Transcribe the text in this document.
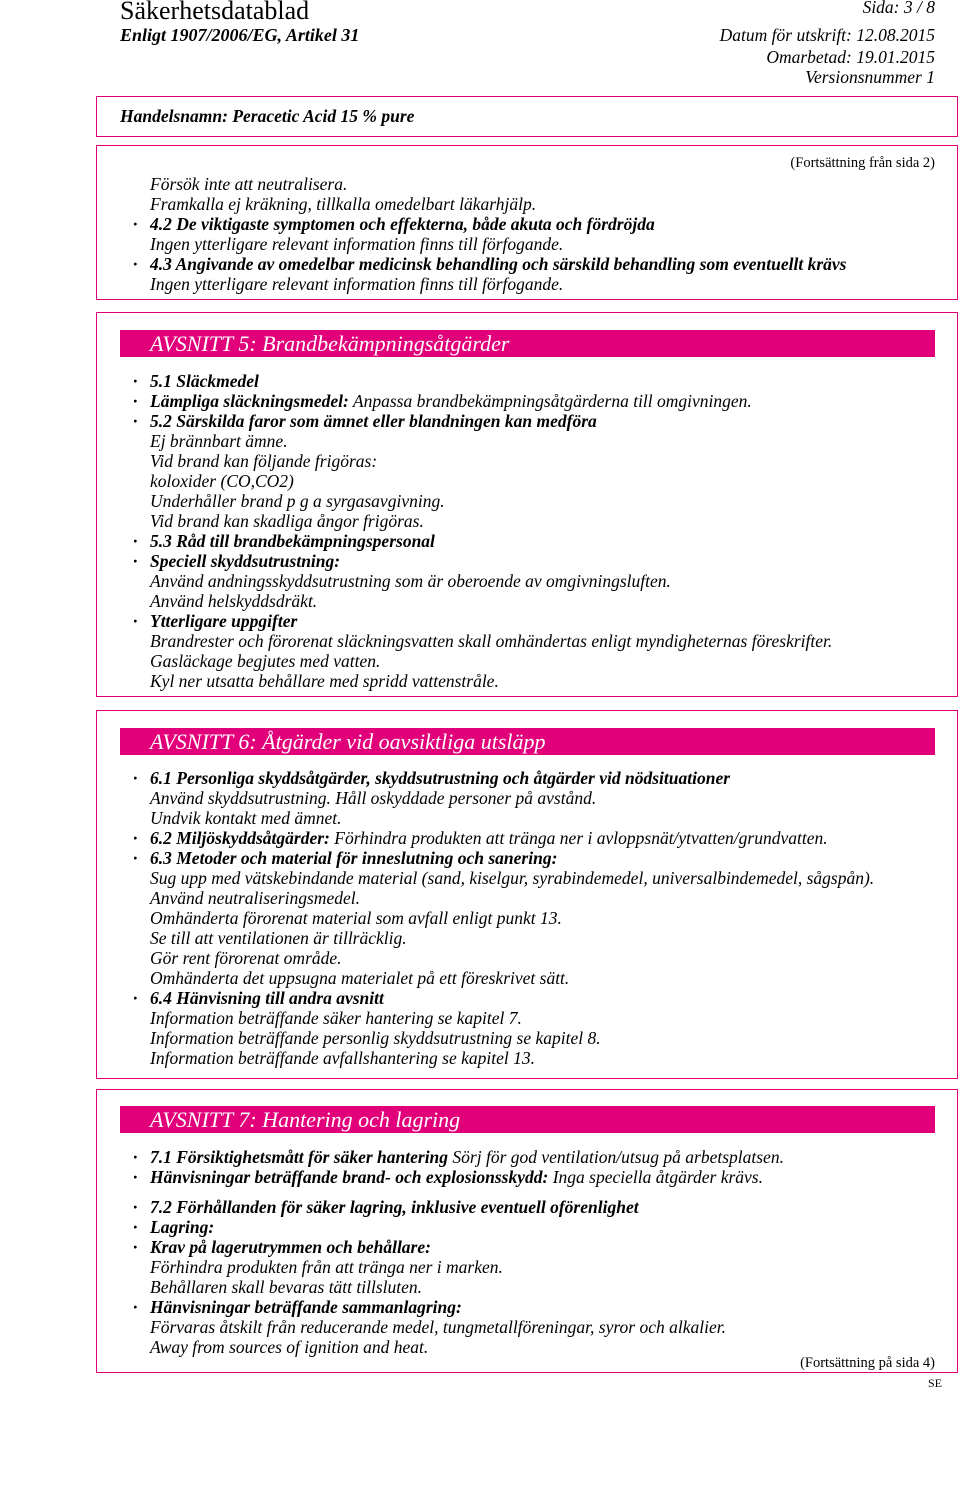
Säkerhetsdatablad	Sida: 3 / 8
Enligt 1907/2006/EG, Artikel 31	Datum för utskrift: 12.08.2015
Omarbetad: 19.01.2015
Versionsnummer 1
Handelsnamn: Peracetic Acid 15 % pure
(Fortsättning från sida 2)
Försök inte att neutralisera.
Framkalla ej kräkning, tillkalla omedelbart läkarhjälp.
· 4.2 De viktigaste symptomen och effekterna, både akuta och fördröjda
Ingen ytterligare relevant information finns till förfogande.
· 4.3 Angivande av omedelbar medicinsk behandling och särskild behandling som eventuellt krävs
Ingen ytterligare relevant information finns till förfogande.
AVSNITT 5: Brandbekämpningsåtgärder
· 5.1 Släckmedel
· Lämpliga släckningsmedel: Anpassa brandbekämpningsåtgärderna till omgivningen.
· 5.2 Särskilda faror som ämnet eller blandningen kan medföra
Ej brännbart ämne.
Vid brand kan följande frigöras:
koloxider (CO,CO2)
Underhåller brand p g a syrgasavgivning.
Vid brand kan skadliga ångor frigöras.
· 5.3 Råd till brandbekämpningspersonal
· Speciell skyddsutrustning:
Använd andningsskyddsutrustning som är oberoende av omgivningsluften.
Använd helskyddsdräkt.
· Ytterligare uppgifter
Brandrester och förorenat släckningsvatten skall omhändertas enligt myndigheternas föreskrifter.
Gasläckage begjutes med vatten.
Kyl ner utsatta behållare med spridd vattenstråle.
AVSNITT 6: Åtgärder vid oavsiktliga utsläpp
· 6.1 Personliga skyddsåtgärder, skyddsutrustning och åtgärder vid nödsituationer
Använd skyddsutrustning. Håll oskyddade personer på avstånd.
Undvik kontakt med ämnet.
· 6.2 Miljöskyddsåtgärder: Förhindra produkten att tränga ner i avloppsnät/ytvatten/grundvatten.
· 6.3 Metoder och material för inneslutning och sanering:
Sug upp med vätskebindande material (sand, kiselgur, syrabindemedel, universalbindemedel, sågspån).
Använd neutraliseringsmedel.
Omhänderta förorenat material som avfall enligt punkt 13.
Se till att ventilationen är tillräcklig.
Gör rent förorenat område.
Omhänderta det uppsugna materialet på ett föreskrivet sätt.
· 6.4 Hänvisning till andra avsnitt
Information beträffande säker hantering se kapitel 7.
Information beträffande personlig skyddsutrustning se kapitel 8.
Information beträffande avfallshantering se kapitel 13.
AVSNITT 7: Hantering och lagring
· 7.1 Försiktighetsmått för säker hantering Sörj för god ventilation/utsug på arbetsplatsen.
· Hänvisningar beträffande brand- och explosionsskydd: Inga speciella åtgärder krävs.
· 7.2 Förhållanden för säker lagring, inklusive eventuell oförenlighet
· Lagring:
· Krav på lagerutrymmen och behållare:
Förhindra produkten från att tränga ner i marken.
Behållaren skall bevaras tätt tillsluten.
· Hänvisningar beträffande sammanlagring:
Förvaras åtskilt från reducerande medel, tungmetallföreningar, syror och alkalier.
Away from sources of ignition and heat.
(Fortsättning på sida 4)
SE
